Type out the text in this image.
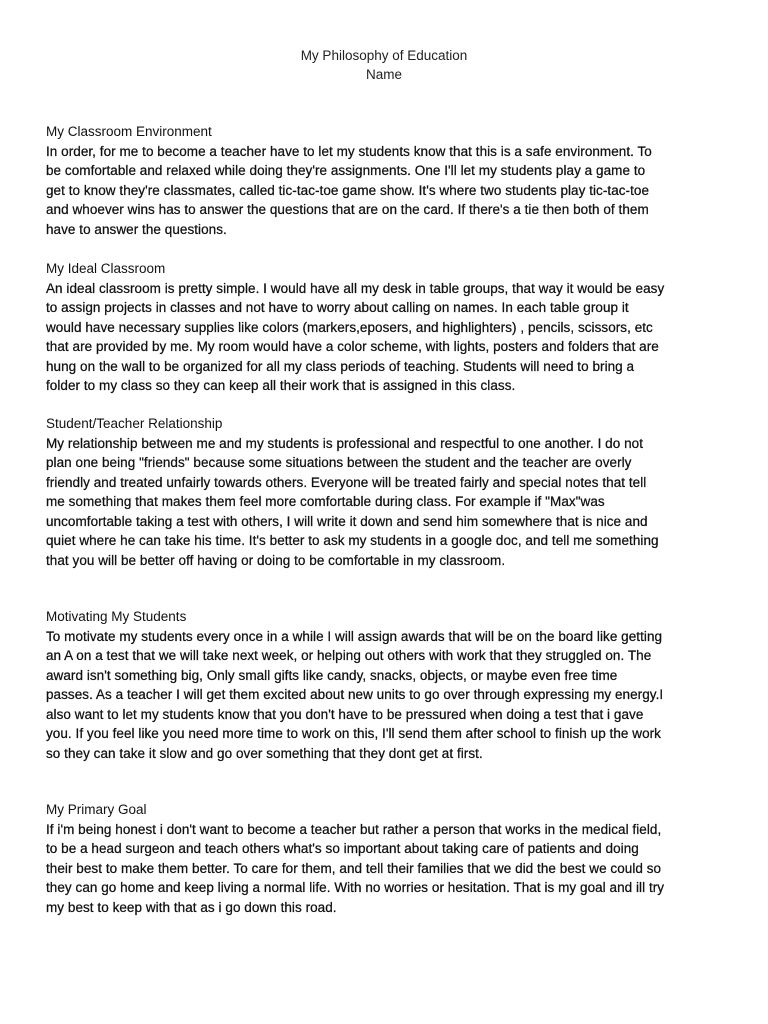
My Philosophy of Education
Name
My Classroom Environment

In order, for me to become a teacher have to let my students know that this is a safe environment. To
be comfortable and relaxed while doing they're assignments. One I'll let my students play a game to
get to know they're classmates, called tic-tac-toe game show. It's where two students play tic-tac-toe
and whoever wins has to answer the questions that are on the card. If there's a tie then both of them
have to answer the questions.

My Ideal Classroom

An ideal classroom is pretty simple. I would have all my desk in table groups, that way it would be easy
to assign projects in classes and not have to worry about calling on names. In each table group it
would have necessary supplies like colors (markers,eposers, and highlighters) , pencils, scissors, etc
that are provided by me. My room would have a color scheme, with lights, posters and folders that are
hung on the wall to be organized for all my class periods of teaching. Students will need to bring a
folder to my class so they can keep all their work that is assigned in this class.

Student/Teacher Relationship

My relationship between me and my students is professional and respectful to one another. I do not
plan one being "friends" because some situations between the student and the teacher are overly
friendly and treated unfairly towards others. Everyone will be treated fairly and special notes that tell
me something that makes them feel more comfortable during class. For example if "Max"was
uncomfortable taking a test with others, I will write it down and send him somewhere that is nice and
quiet where he can take his time. It's better to ask my students in a google doc, and tell me something
that you will be better off having or doing to be comfortable in my classroom.

Motivating My Students

To motivate my students every once in a while I will assign awards that will be on the board like getting
an A on a test that we will take next week, or helping out others with work that they struggled on. The
award isn't something big, Only small gifts like candy, snacks, objects, or maybe even free time
passes. As a teacher I will get them excited about new units to go over through expressing my energy.I
also want to let my students know that you don't have to be pressured when doing a test that i gave
you. If you feel like you need more time to work on this, I'll send them after school to finish up the work
so they can take it slow and go over something that they dont get at first.

My Primary Goal

If i'm being honest i don't want to become a teacher but rather a person that works in the medical field,
to be a head surgeon and teach others what's so important about taking care of patients and doing
their best to make them better. To care for them, and tell their families that we did the best we could so
they can go home and keep living a normal life. With no worries or hesitation. That is my goal and ill try
my best to keep with that as i go down this road.
